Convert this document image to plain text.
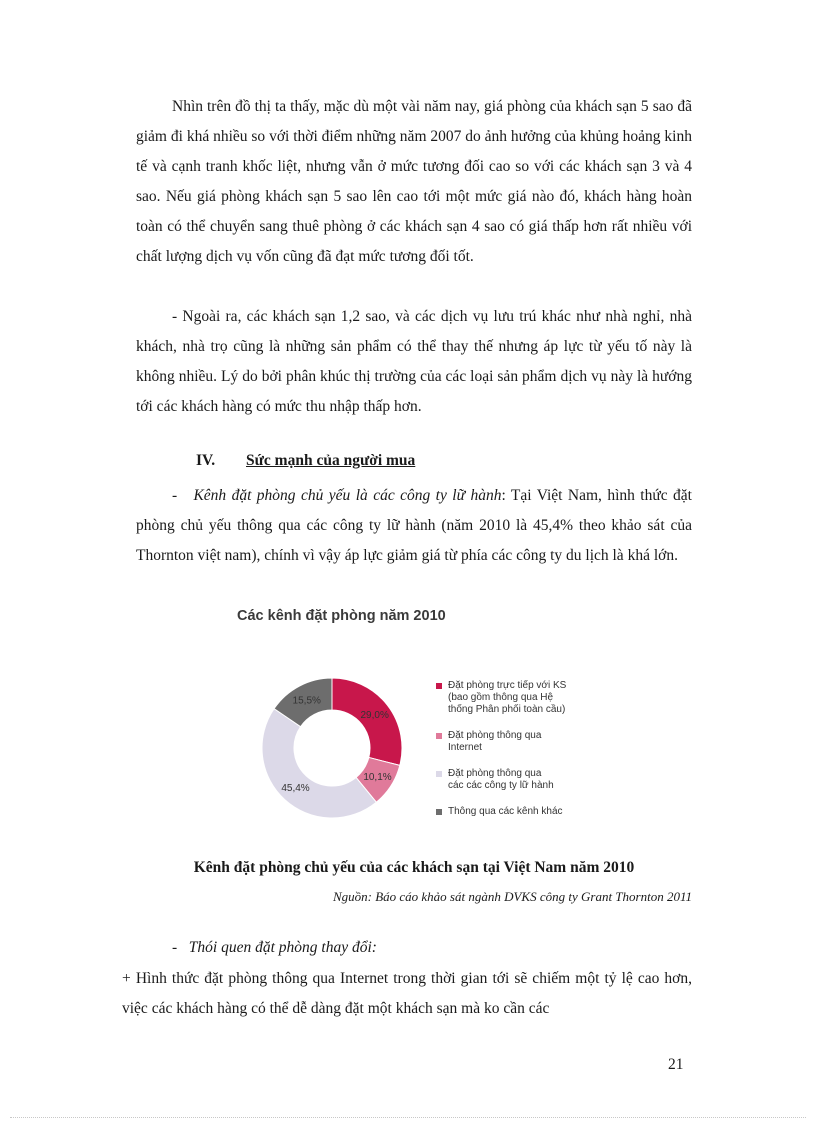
Nhìn trên đồ thị ta thấy, mặc dù một vài năm nay, giá phòng của khách sạn 5 sao đã giảm đi khá nhiều so với thời điểm những năm 2007 do ảnh hưởng của khủng hoảng kinh tế và cạnh tranh khốc liệt, nhưng vẫn ở mức tương đối cao so với các khách sạn 3 và 4 sao. Nếu giá phòng khách sạn 5 sao lên cao tới một mức giá nào đó, khách hàng hoàn toàn có thể chuyển sang thuê phòng ở các khách sạn 4 sao có giá thấp hơn rất nhiều với chất lượng dịch vụ vốn cũng đã đạt mức tương đối tốt.

- Ngoài ra, các khách sạn 1,2 sao, và các dịch vụ lưu trú khác như nhà nghỉ, nhà khách, nhà trọ cũng là những sản phẩm có thể thay thế nhưng áp lực từ yếu tố này là không nhiều. Lý do bởi phân khúc thị trường của các loại sản phẩm dịch vụ này là hướng tới các khách hàng có mức thu nhập thấp hơn.

IV. Sức mạnh của người mua

- Kênh đặt phòng chủ yếu là các công ty lữ hành: Tại Việt Nam, hình thức đặt phòng chủ yếu thông qua các công ty lữ hành (năm 2010 là 45,4% theo khảo sát của Thornton việt nam), chính vì vậy áp lực giảm giá từ phía các công ty du lịch là khá lớn.

Các kênh đặt phòng năm 2010
29,0%
10,1%
45,4%
15,5%
Đặt phòng trực tiếp với KS
(bao gồm thông qua Hệ
thống Phân phối toàn cầu)
Đặt phòng thông qua
Internet
Đặt phòng thông qua
các các công ty lữ hành
Thông qua các kênh khác

Kênh đặt phòng chủ yếu của các khách sạn tại Việt Nam năm 2010

Nguồn: Báo cáo khảo sát ngành DVKS công ty Grant Thornton 2011

- Thói quen đặt phòng thay đổi:

+ Hình thức đặt phòng thông qua Internet trong thời gian tới sẽ chiếm một tỷ lệ cao hơn, việc các khách hàng có thể dễ dàng đặt một khách sạn mà ko cần các

21
